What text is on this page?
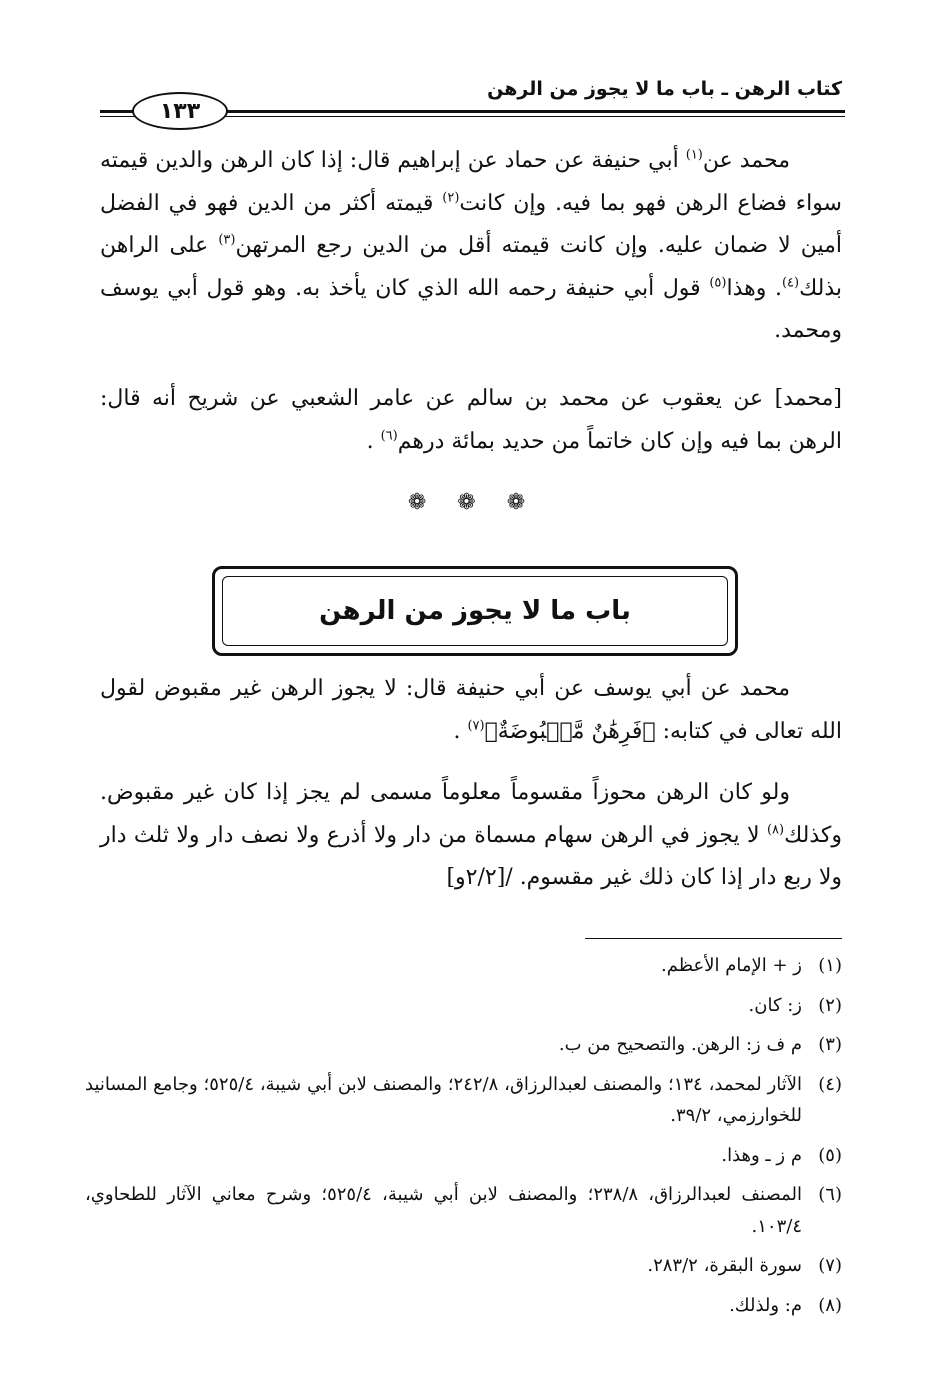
كتاب الرهن ـ باب ما لا يجوز من الرهن
١٣٣

محمد عن$^{(١)}$ أبي حنيفة عن حماد عن إبراهيم قال: إذا كان الرهن والدين قيمته سواء فضاع الرهن فهو بما فيه. وإن كانت$^{(٢)}$ قيمته أكثر من الدين فهو في الفضل أمين لا ضمان عليه. وإن كانت قيمته أقل من الدين رجع المرتهن$^{(٣)}$ على الراهن بذلك$^{(٤)}$. وهذا$^{(٥)}$ قول أبي حنيفة رحمه الله الذي كان يأخذ به. وهو قول أبي يوسف ومحمد.

[محمد] عن يعقوب عن محمد بن سالم عن عامر الشعبي عن شريح أنه قال: الرهن بما فيه وإن كان خاتماً من حديد بمائة درهم$^{(٦)}$ .

❁ ❁ ❁
باب ما لا يجوز من الرهن

محمد عن أبي يوسف عن أبي حنيفة قال: لا يجوز الرهن غير مقبوض لقول الله تعالى في كتابه: ﴿فَرِهَٰنٌ مَّقۡبُوضَةٌ﴾$^{(٧)}$ .

ولو كان الرهن محوزاً مقسوماً معلوماً مسمى لم يجز إذا كان غير مقبوض. وكذلك$^{(٨)}$ لا يجوز في الرهن سهام مسماة من دار ولا أذرع ولا نصف دار ولا ثلث دار ولا ربع دار إذا كان ذلك غير مقسوم. /[٢/٢و]

(١)
ز + الإمام الأعظم.
(٢)
ز: كان.
(٣)
م ف ز: الرهن. والتصحيح من ب.
(٤)
الآثار لمحمد، ١٣٤؛ والمصنف لعبدالرزاق، ٢٤٢/٨؛ والمصنف لابن أبي شيبة، ٥٢٥/٤؛ وجامع المسانيد للخوارزمي، ٣٩/٢.
(٥)
م ز ـ وهذا.
(٦)
المصنف لعبدالرزاق، ٢٣٨/٨؛ والمصنف لابن أبي شيبة، ٥٢٥/٤؛ وشرح معاني الآثار للطحاوي، ١٠٣/٤.
(٧)
سورة البقرة، ٢٨٣/٢.
(٨)
م: ولذلك.
